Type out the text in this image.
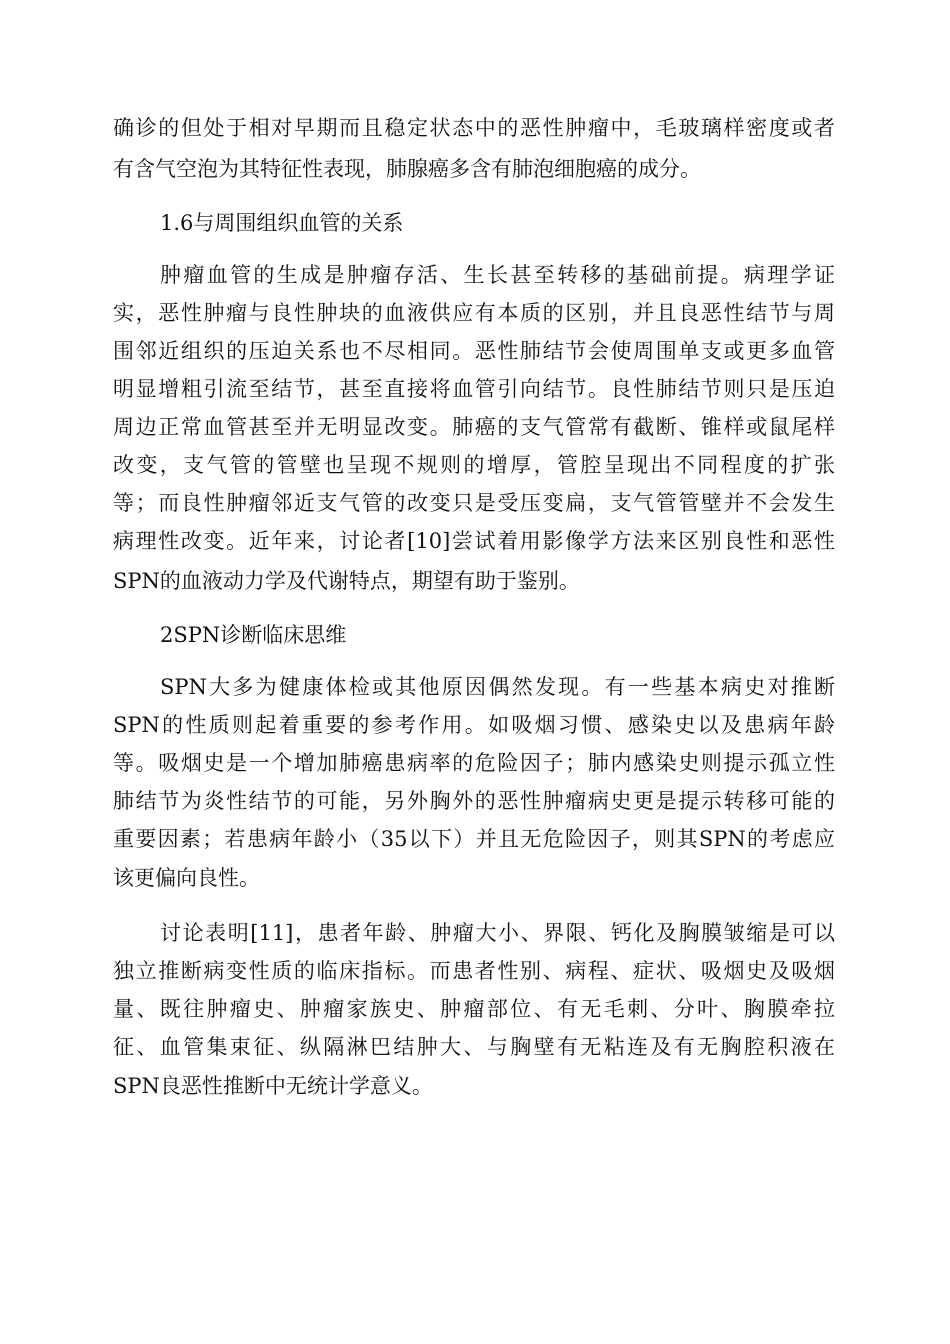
确诊的但处于相对早期而且稳定状态中的恶性肿瘤中，毛玻璃样密度或者
有含气空泡为其特征性表现，肺腺癌多含有肺泡细胞癌的成分。
1.6与周围组织血管的关系
肿瘤血管的生成是肿瘤存活、生长甚至转移的基础前提。病理学证
实，恶性肿瘤与良性肿块的血液供应有本质的区别，并且良恶性结节与周
围邻近组织的压迫关系也不尽相同。恶性肺结节会使周围单支或更多血管
明显增粗引流至结节，甚至直接将血管引向结节。良性肺结节则只是压迫
周边正常血管甚至并无明显改变。肺癌的支气管常有截断、锥样或鼠尾样
改变，支气管的管壁也呈现不规则的增厚，管腔呈现出不同程度的扩张
等；而良性肿瘤邻近支气管的改变只是受压变扁，支气管管壁并不会发生
病理性改变。近年来，讨论者[10]尝试着用影像学方法来区别良性和恶性
SPN的血液动力学及代谢特点，期望有助于鉴别。
2SPN诊断临床思维
SPN大多为健康体检或其他原因偶然发现。有一些基本病史对推断
SPN的性质则起着重要的参考作用。如吸烟习惯、感染史以及患病年龄
等。吸烟史是一个增加肺癌患病率的危险因子；肺内感染史则提示孤立性
肺结节为炎性结节的可能，另外胸外的恶性肿瘤病史更是提示转移可能的
重要因素；若患病年龄小（35以下）并且无危险因子，则其SPN的考虑应
该更偏向良性。
讨论表明[11]，患者年龄、肿瘤大小、界限、钙化及胸膜皱缩是可以
独立推断病变性质的临床指标。而患者性别、病程、症状、吸烟史及吸烟
量、既往肿瘤史、肿瘤家族史、肿瘤部位、有无毛刺、分叶、胸膜牵拉
征、血管集束征、纵隔淋巴结肿大、与胸壁有无粘连及有无胸腔积液在
SPN良恶性推断中无统计学意义。
